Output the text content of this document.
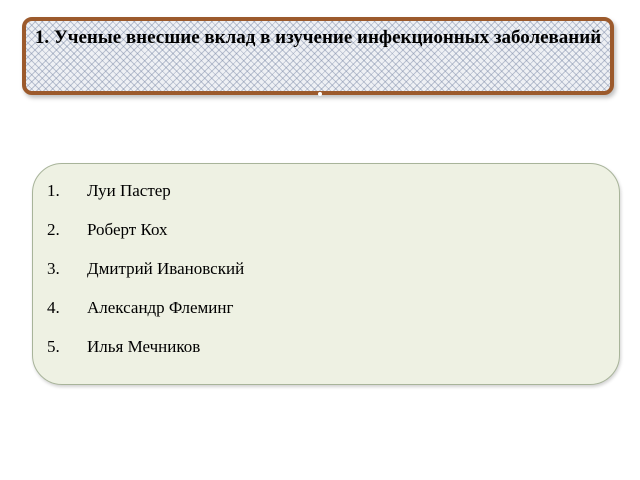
1. Ученые внесшие вклад в изучение инфекционных заболеваний

1.	Луи Пастер
2.	Роберт Кох
3.	Дмитрий Ивановский
4.	Александр Флеминг
5.	Илья Мечников
